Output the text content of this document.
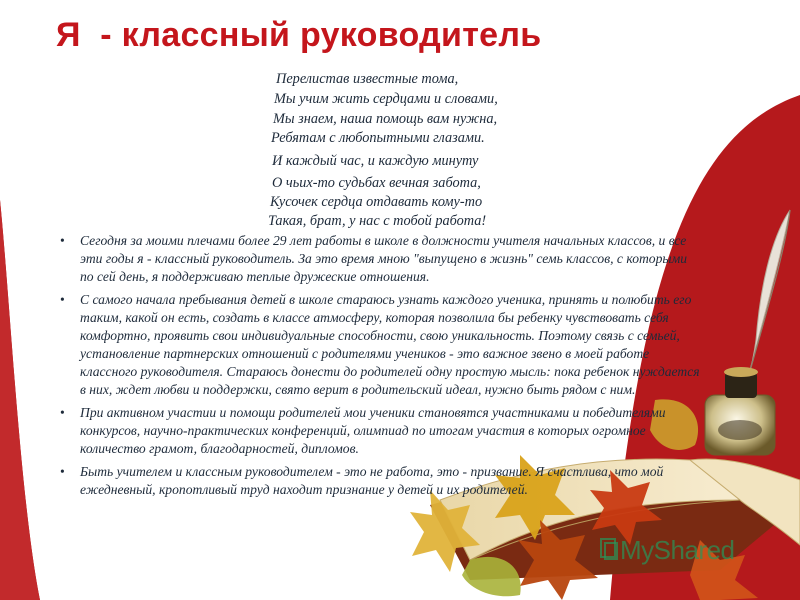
Я  - классный руководитель
Перелистав известные тома,
Мы учим жить сердцами и словами,
Мы знаем, наша помощь вам нужна,
Ребятам с любопытными глазами.
И каждый час, и каждую минуту
О чьих-то судьбах вечная забота,
Кусочек сердца отдавать кому-то
Такая, брат, у нас с тобой работа!
• Сегодня за моими плечами более 29 лет работы в школе в должности учителя начальных классов, и все эти годы я - классный руководитель. За это время мною "выпущено в жизнь" семь классов, с которыми по сей день, я поддерживаю теплые дружеские отношения.
• С самого начала пребывания детей в школе стараюсь узнать каждого ученика, принять и полюбить его таким, какой он есть, создать в классе атмосферу, которая позволила бы ребенку чувствовать себя комфортно, проявить свои индивидуальные способности, свою уникальность. Поэтому связь с семьей, установление партнерских отношений с родителями учеников - это важное звено в моей работе классного руководителя. Стараюсь донести до родителей одну простую мысль: пока ребенок нуждается в них, ждет любви и поддержки, свято верит в родительский идеал, нужно быть рядом с ним.
• При активном участии и помощи родителей мои ученики становятся участниками и победителями конкурсов, научно-практических конференций, олимпиад по итогам участия в которых огромное количество грамот, благодарностей, дипломов.
• Быть учителем и классным руководителем - это не работа, это - призвание. Я счастлива, что мой ежедневный, кропотливый труд находит признание у детей и их родителей.
MyShared
